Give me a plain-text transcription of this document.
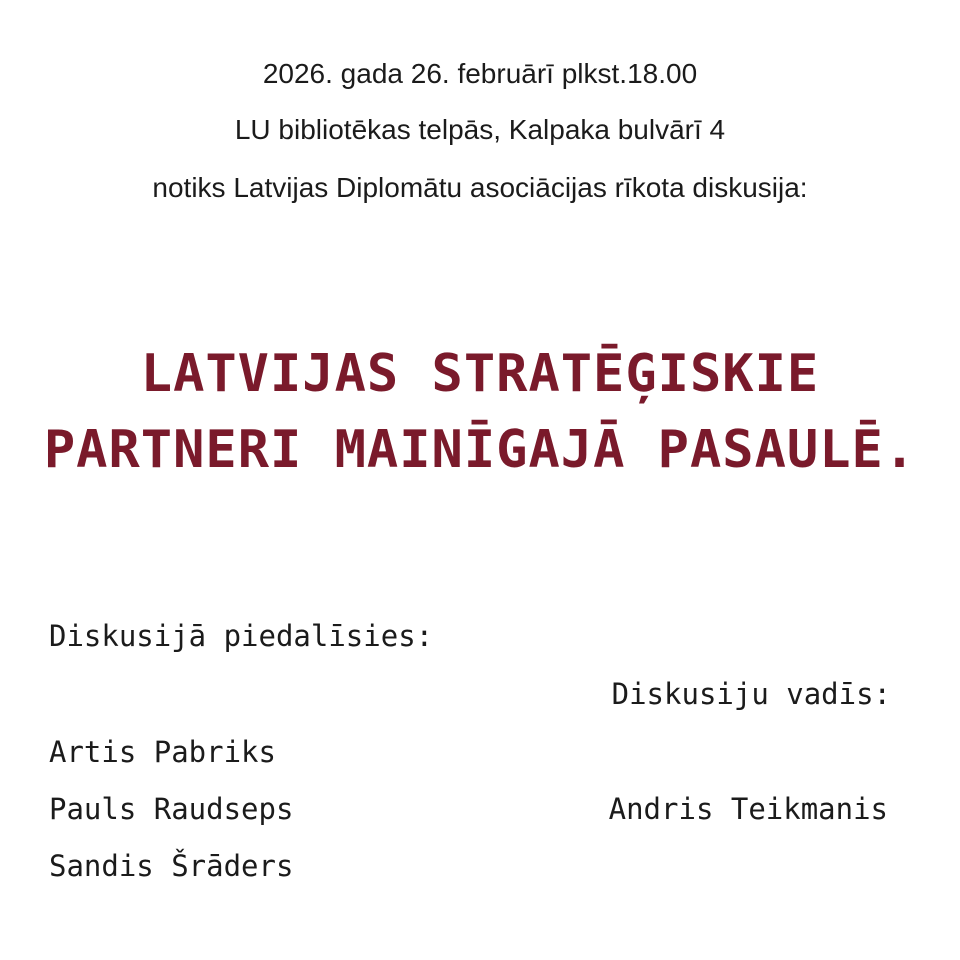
2026. gada 26. februārī plkst.18.00
LU bibliotēkas telpās, Kalpaka bulvārī 4
notiks Latvijas Diplomātu asociācijas rīkota diskusija:
LATVIJAS STRATĒĢISKIE
PARTNERI MAINĪGAJĀ PASAULĒ.
Diskusijā piedalīsies:
Artis Pabriks
Pauls Raudseps
Sandis Šrāders
Diskusiju vadīs:
Andris Teikmanis
